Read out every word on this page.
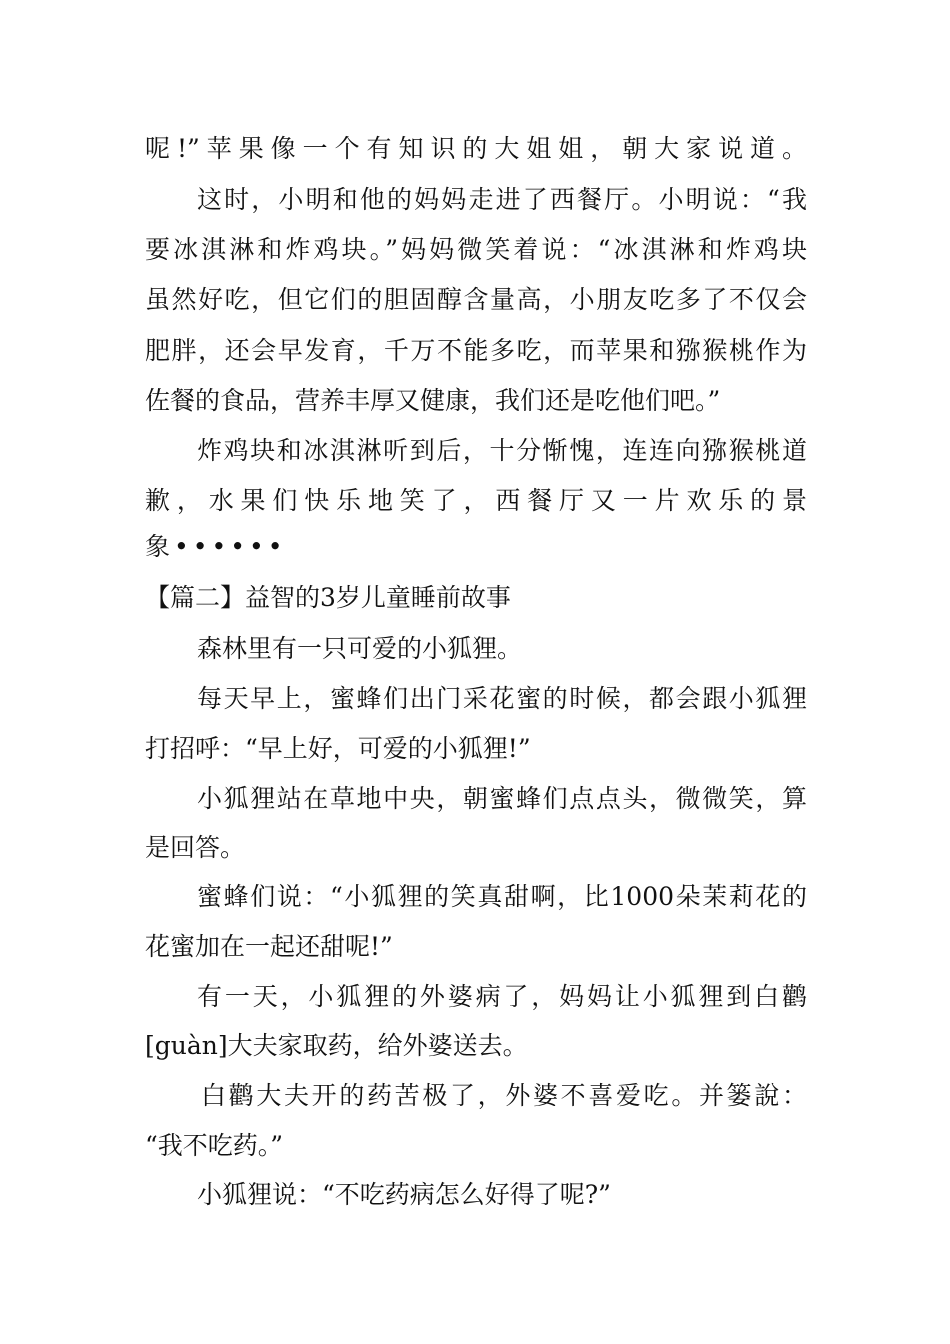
呢!”苹果像一个有知识的大姐姐，朝大家说道。
这时，小明和他的妈妈走进了西餐厅。小明说：“我
要冰淇淋和炸鸡块。”妈妈微笑着说：“冰淇淋和炸鸡块
虽然好吃，但它们的胆固醇含量高，小朋友吃多了不仅会
肥胖，还会早发育，千万不能多吃，而苹果和猕猴桃作为
佐餐的食品，营养丰厚又健康，我们还是吃他们吧。”
炸鸡块和冰淇淋听到后，十分惭愧，连连向猕猴桃道
歉，水果们快乐地笑了，西餐厅又一片欢乐的景
象••••••
【篇二】益智的3岁儿童睡前故事
森林里有一只可爱的小狐狸。
每天早上，蜜蜂们出门采花蜜的时候，都会跟小狐狸
打招呼：“早上好，可爱的小狐狸!”
小狐狸站在草地中央，朝蜜蜂们点点头，微微笑，算
是回答。
蜜蜂们说：“小狐狸的笑真甜啊，比1000朵茉莉花的
花蜜加在一起还甜呢!”
有一天，小狐狸的外婆病了，妈妈让小狐狸到白鹳
[guàn]大夫家取药，给外婆送去。
白鹳大夫开的药苦极了，外婆不喜爱吃。并篓說：
“我不吃药。”
小狐狸说：“不吃药病怎么好得了呢?”
